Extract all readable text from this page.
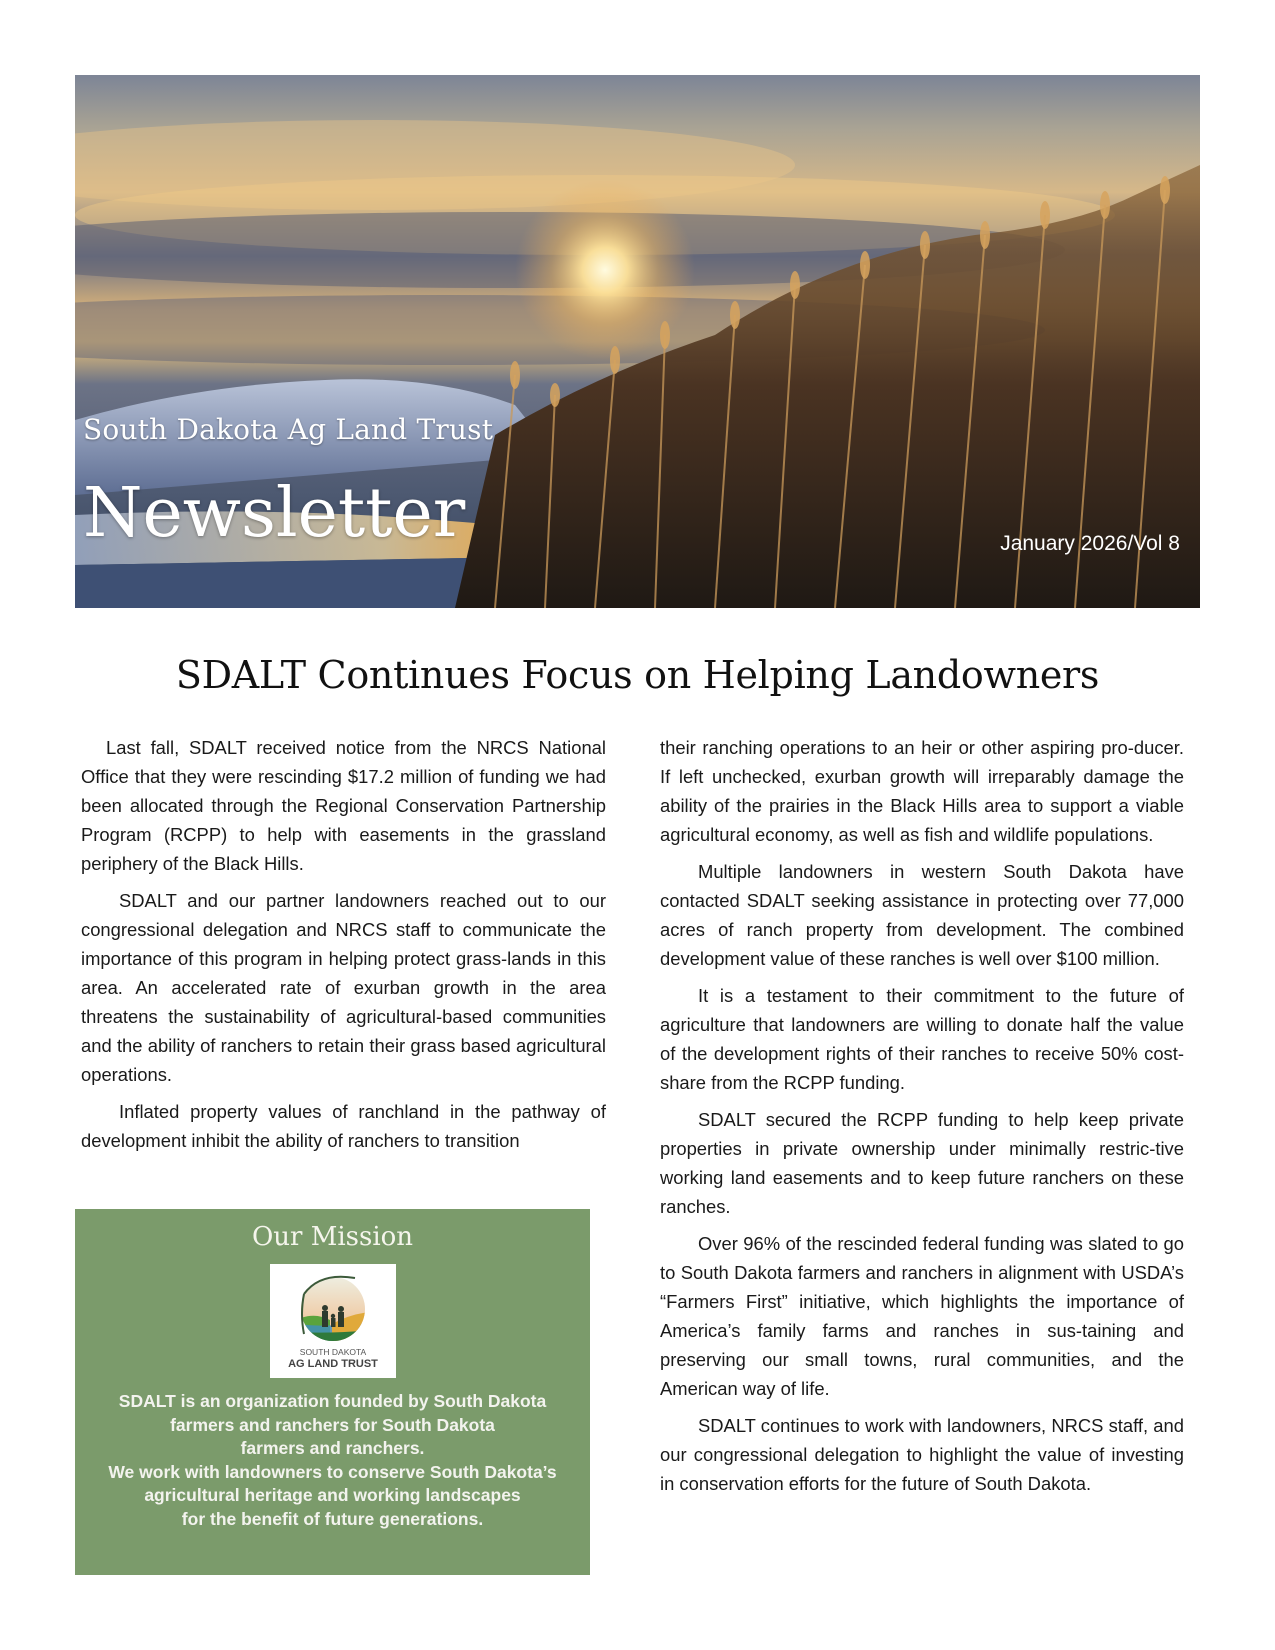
South Dakota Ag Land Trust
Newsletter	January 2026/Vol 8
SDALT Continues Focus on Helping Landowners

Last fall, SDALT received notice from the NRCS National Office that they were rescinding $17.2 million of funding we had been allocated through the Regional Conservation Partnership Program (RCPP) to help with easements in the grassland periphery of the Black Hills.

SDALT and our partner landowners reached out to our congressional delegation and NRCS staff to communicate the importance of this program in helping protect grass-lands in this area. An accelerated rate of exurban growth in the area threatens the sustainability of agricultural-based communities and the ability of ranchers to retain their grass based agricultural operations.

Inflated property values of ranchland in the pathway of development inhibit the ability of ranchers to transition

their ranching operations to an heir or other aspiring pro-ducer. If left unchecked, exurban growth will irreparably damage the ability of the prairies in the Black Hills area to support a viable agricultural economy, as well as fish and wildlife populations.

Multiple landowners in western South Dakota have contacted SDALT seeking assistance in protecting over 77,000 acres of ranch property from development. The combined development value of these ranches is well over $100 million.

It is a testament to their commitment to the future of agriculture that landowners are willing to donate half the value of the development rights of their ranches to receive 50% cost-share from the RCPP funding.

SDALT secured the RCPP funding to help keep private properties in private ownership under minimally restric-tive working land easements and to keep future ranchers on these ranches.

Over 96% of the rescinded federal funding was slated to go to South Dakota farmers and ranchers in alignment with USDA’s “Farmers First” initiative, which highlights the importance of America’s family farms and ranches in sus-taining and preserving our small towns, rural communities, and the American way of life.

SDALT continues to work with landowners, NRCS staff, and our congressional delegation to highlight the value of investing in conservation efforts for the future of South Dakota.

Our Mission
SOUTH DAKOTA
AG LAND TRUST
SDALT is an organization founded by South Dakota
farmers and ranchers for South Dakota
farmers and ranchers.
We work with landowners to conserve South Dakota’s
agricultural heritage and working landscapes
for the benefit of future generations.
